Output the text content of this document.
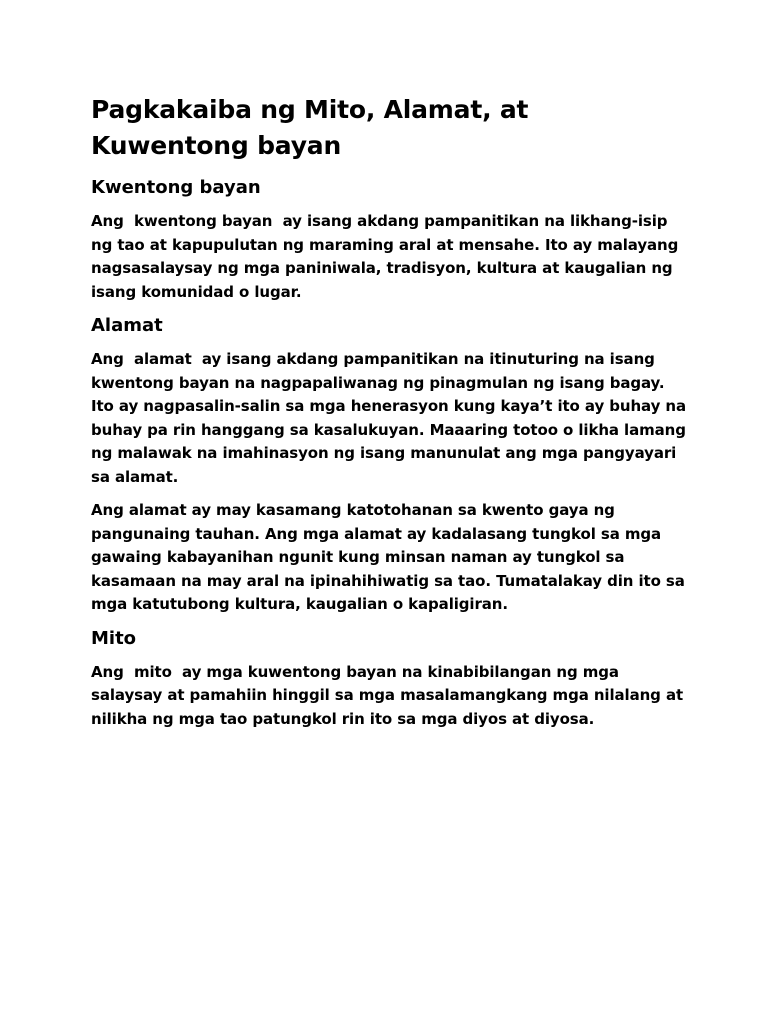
Pagkakaiba ng Mito, Alamat, at Kuwentong bayan
Kwentong bayan

Ang  kwentong bayan  ay isang akdang pampanitikan na likhang-isip ng tao at kapupulutan ng maraming aral at mensahe. Ito ay malayang nagsasalaysay ng mga paniniwala, tradisyon, kultura at kaugalian ng isang komunidad o lugar.

Alamat

Ang  alamat  ay isang akdang pampanitikan na itinuturing na isang kwentong bayan na nagpapaliwanag ng pinagmulan ng isang bagay. Ito ay nagpasalin-salin sa mga henerasyon kung kaya’t ito ay buhay na buhay pa rin hanggang sa kasalukuyan. Maaaring totoo o likha lamang ng malawak na imahinasyon ng isang manunulat ang mga pangyayari sa alamat.

Ang alamat ay may kasamang katotohanan sa kwento gaya ng pangunaing tauhan. Ang mga alamat ay kadalasang tungkol sa mga gawaing kabayanihan ngunit kung minsan naman ay tungkol sa kasamaan na may aral na ipinahihiwatig sa tao. Tumatalakay din ito sa mga katutubong kultura, kaugalian o kapaligiran.

Mito

Ang  mito  ay mga kuwentong bayan na kinabibilangan ng mga salaysay at pamahiin hinggil sa mga masalamangkang mga nilalang at nilikha ng mga tao patungkol rin ito sa mga diyos at diyosa.
